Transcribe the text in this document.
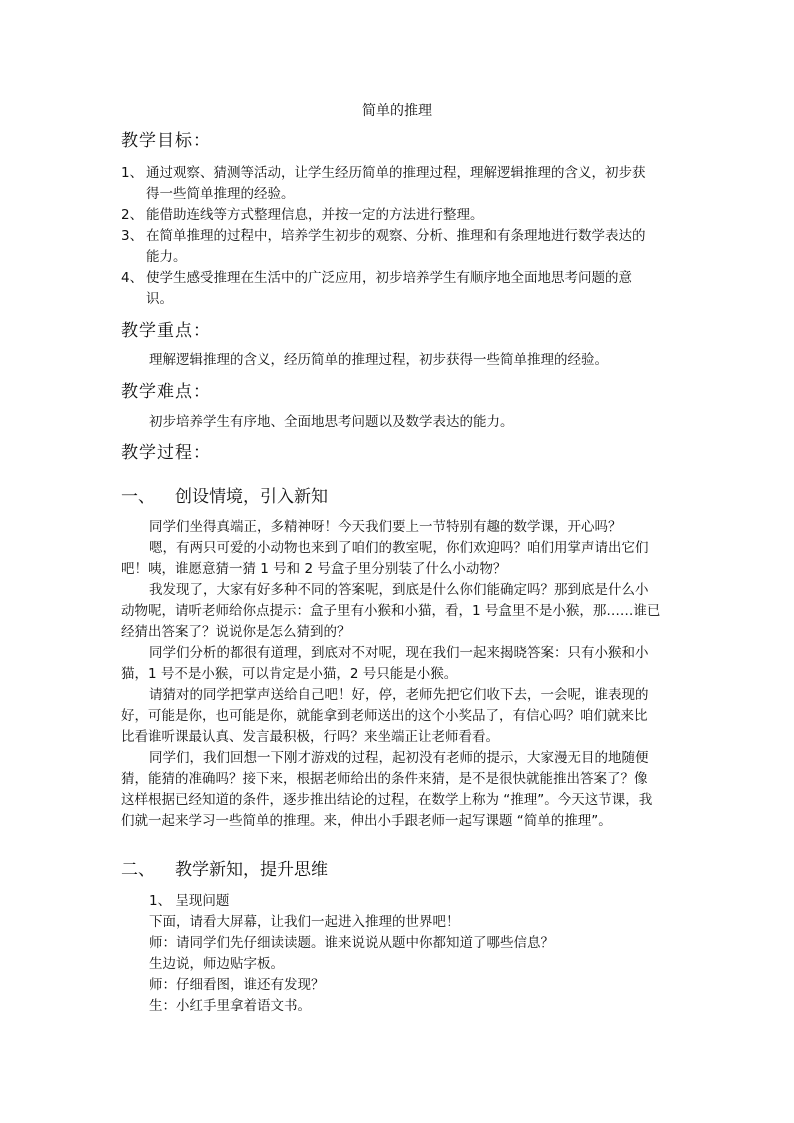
简单的推理
教学目标：
1、 通过观察、猜测等活动，让学生经历简单的推理过程，理解逻辑推理的含义，初步获
得一些简单推理的经验。
2、 能借助连线等方式整理信息，并按一定的方法进行整理。
3、 在简单推理的过程中，培养学生初步的观察、分析、推理和有条理地进行数学表达的
能力。
4、 使学生感受推理在生活中的广泛应用，初步培养学生有顺序地全面地思考问题的意
识。
教学重点：
理解逻辑推理的含义，经历简单的推理过程，初步获得一些简单推理的经验。
教学难点：
初步培养学生有序地、全面地思考问题以及数学表达的能力。
教学过程：
一、 创设情境，引入新知
同学们坐得真端正，多精神呀！今天我们要上一节特别有趣的数学课，开心吗？
嗯，有两只可爱的小动物也来到了咱们的教室呢，你们欢迎吗？咱们用掌声请出它们
吧！咦，谁愿意猜一猜 1 号和 2 号盒子里分别装了什么小动物？
我发现了，大家有好多种不同的答案呢，到底是什么你们能确定吗？那到底是什么小
动物呢，请听老师给你点提示：盒子里有小猴和小猫，看，1 号盒里不是小猴，那……谁已
经猜出答案了？说说你是怎么猜到的？
同学们分析的都很有道理，到底对不对呢，现在我们一起来揭晓答案：只有小猴和小
猫，1 号不是小猴，可以肯定是小猫，2 号只能是小猴。
请猜对的同学把掌声送给自己吧！好，停，老师先把它们收下去，一会呢，谁表现的
好，可能是你，也可能是你，就能拿到老师送出的这个小奖品了，有信心吗？咱们就来比
比看谁听课最认真、发言最积极，行吗？来坐端正让老师看看。
同学们，我们回想一下刚才游戏的过程，起初没有老师的提示，大家漫无目的地随便
猜，能猜的准确吗？接下来，根据老师给出的条件来猜，是不是很快就能推出答案了？像
这样根据已经知道的条件，逐步推出结论的过程，在数学上称为 “推理”。今天这节课，我
们就一起来学习一些简单的推理。来，伸出小手跟老师一起写课题 “简单的推理”。
二、 教学新知，提升思维
1、 呈现问题
下面，请看大屏幕，让我们一起进入推理的世界吧！
师：请同学们先仔细读读题。谁来说说从题中你都知道了哪些信息？
生边说，师边贴字板。
师：仔细看图，谁还有发现？
生：小红手里拿着语文书。
